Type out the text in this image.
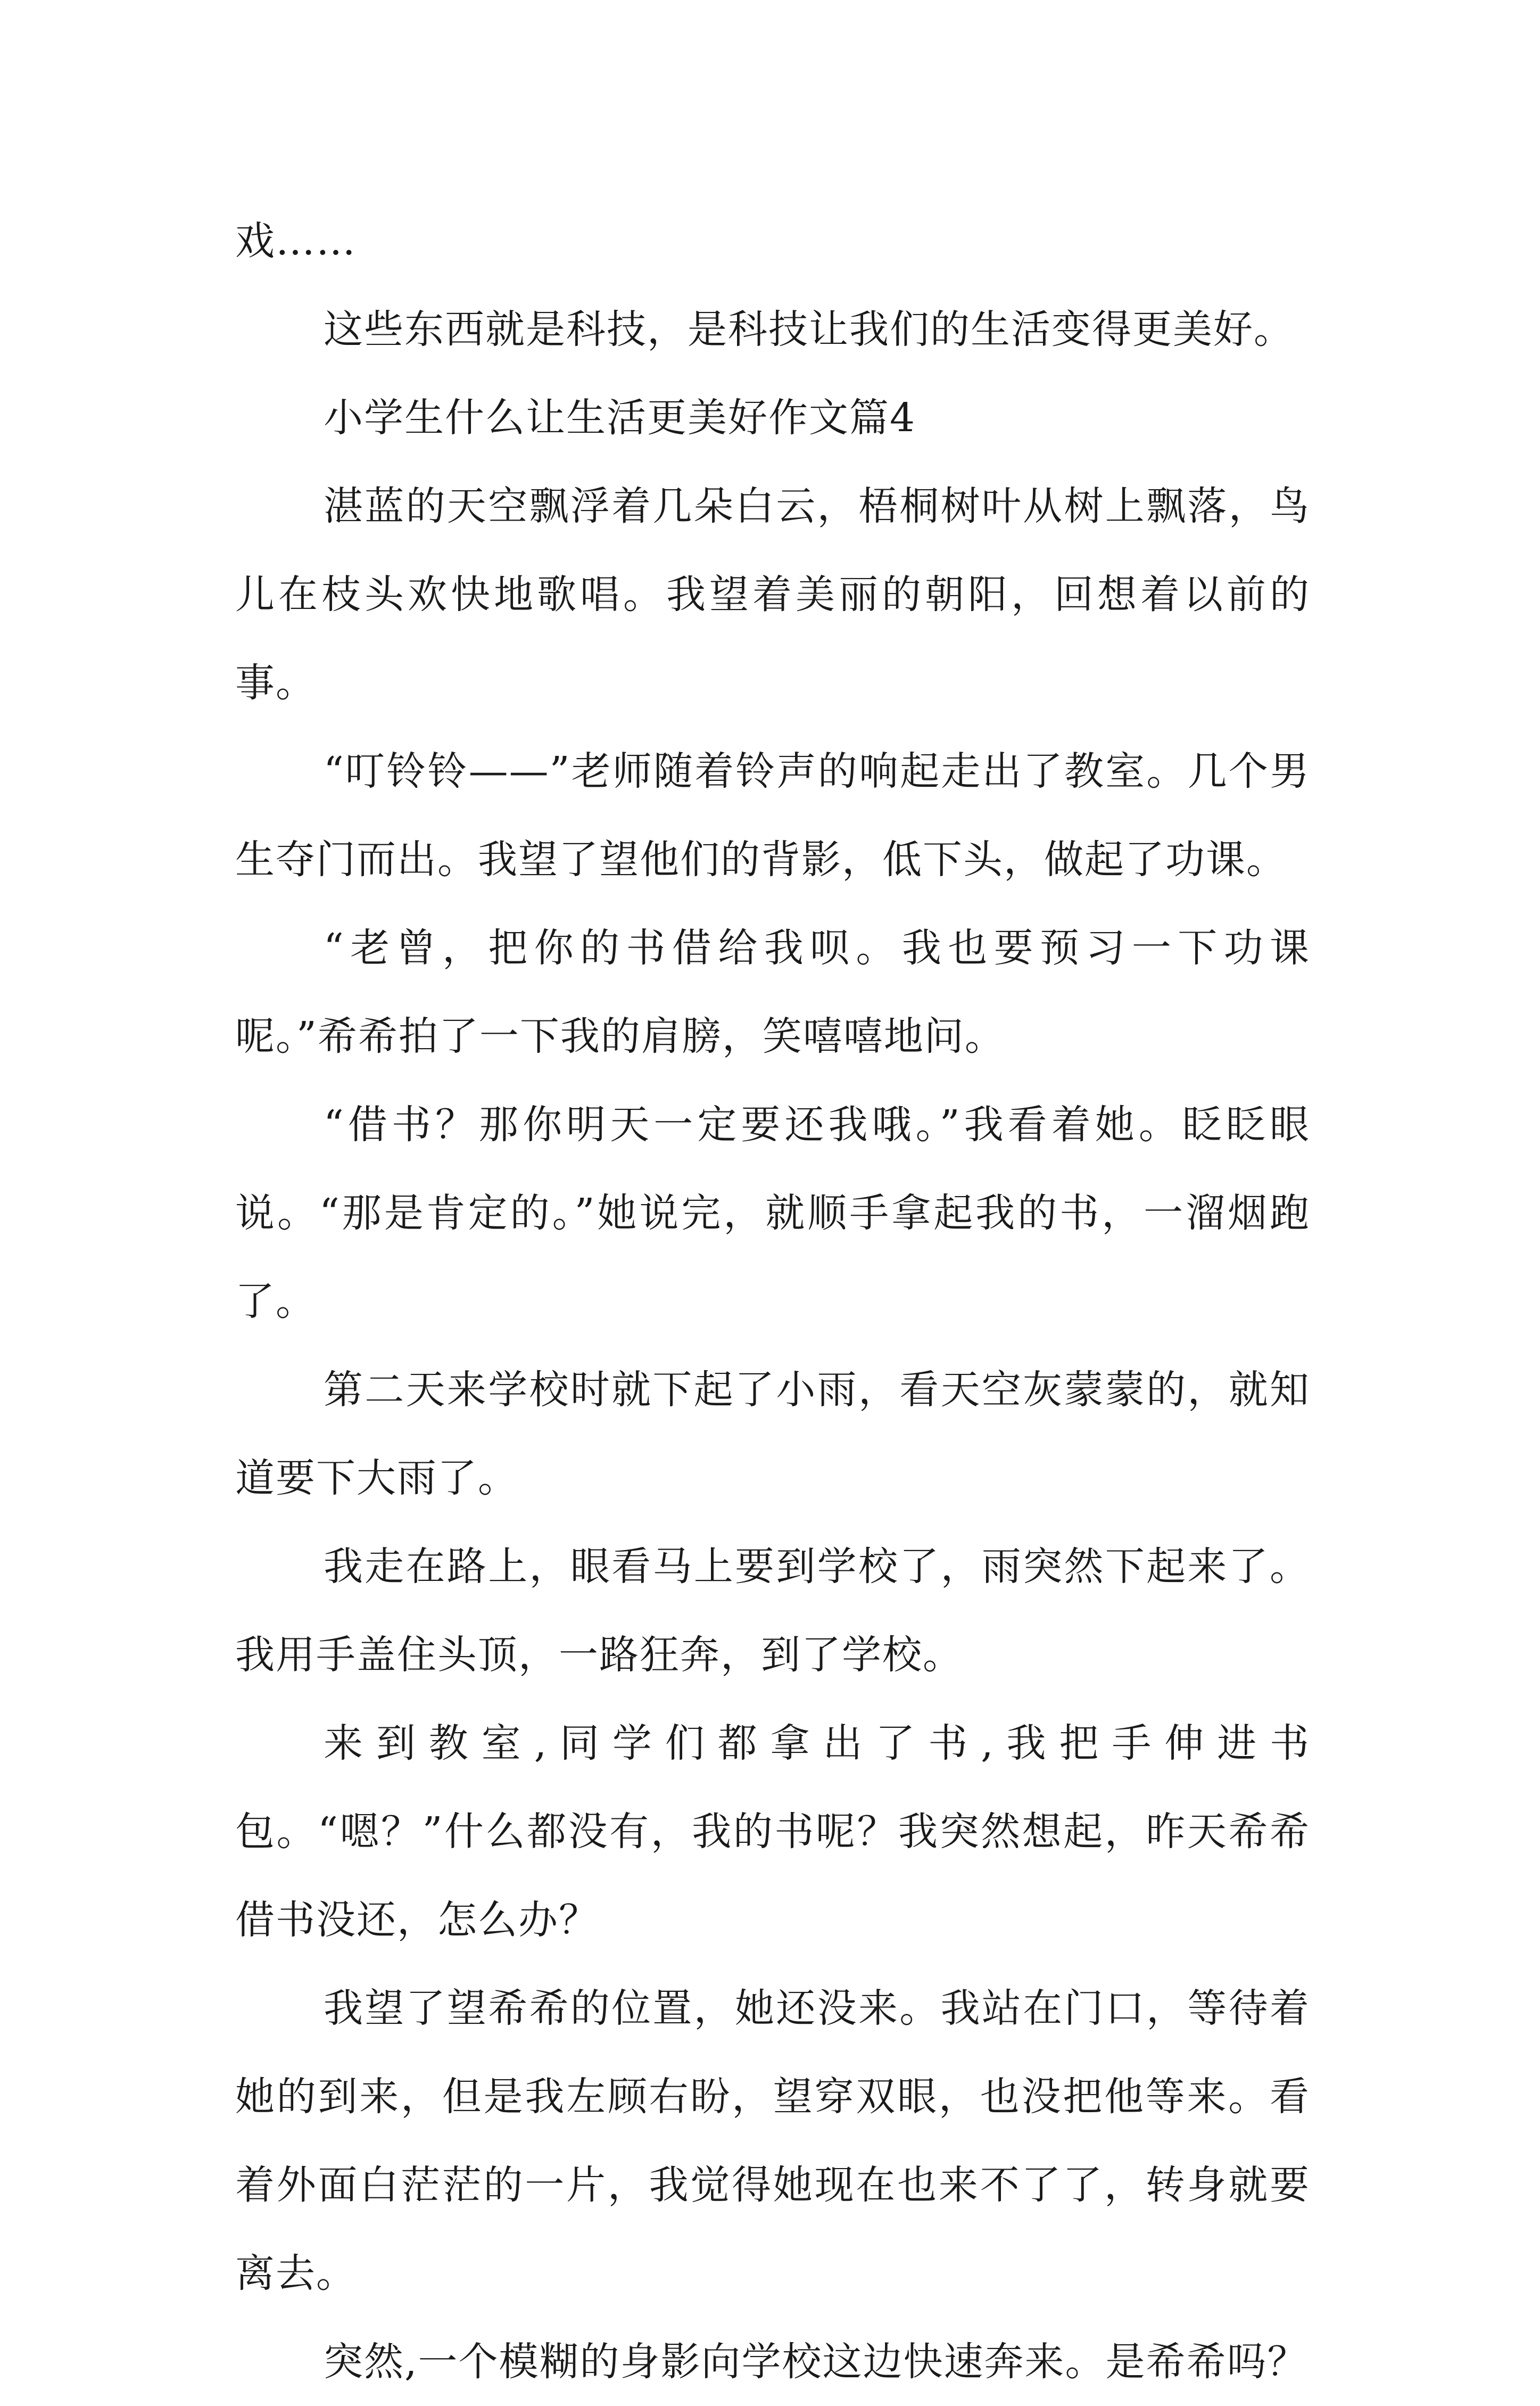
戏……

这些东西就是科技，是科技让我们的生活变得更美好。

小学生什么让生活更美好作文篇4

湛蓝的天空飘浮着几朵白云，梧桐树叶从树上飘落，鸟儿在枝头欢快地歌唱。我望着美丽的朝阳，回想着以前的事。

“叮铃铃——”老师随着铃声的响起走出了教室。几个男生夺门而出。我望了望他们的背影，低下头，做起了功课。

“老曾，把你的书借给我呗。我也要预习一下功课呢。”希希拍了一下我的肩膀，笑嘻嘻地问。

“借书？那你明天一定要还我哦。”我看着她。眨眨眼说。“那是肯定的。”她说完，就顺手拿起我的书，一溜烟跑了。

第二天来学校时就下起了小雨，看天空灰蒙蒙的，就知道要下大雨了。

我走在路上，眼看马上要到学校了，雨突然下起来了。我用手盖住头顶，一路狂奔，到了学校。

来到教室,同学们都拿出了书,我把手伸进书包。“嗯？”什么都没有，我的书呢？我突然想起，昨天希希借书没还，怎么办？

我望了望希希的位置，她还没来。我站在门口，等待着她的到来，但是我左顾右盼，望穿双眼，也没把他等来。看着外面白茫茫的一片，我觉得她现在也来不了了，转身就要离去。

突然,一个模糊的身影向学校这边快速奔来。是希希吗？
